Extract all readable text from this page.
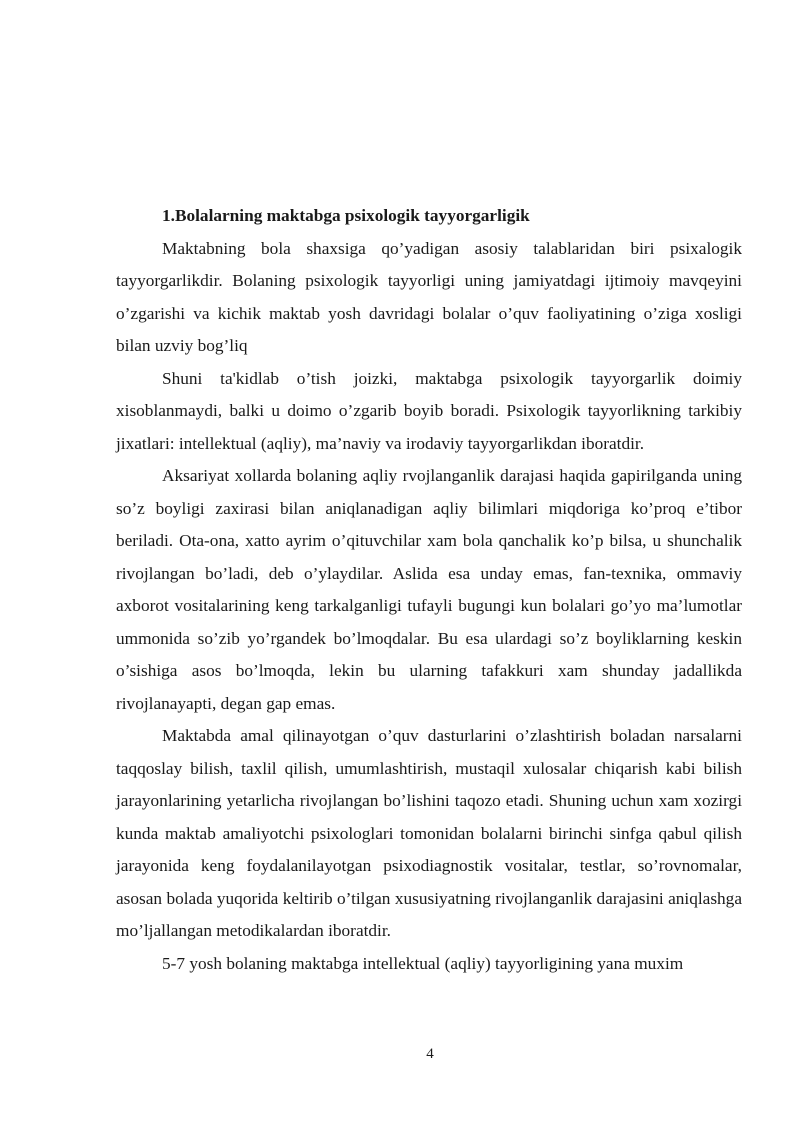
1.Bolalarning maktabga psixologik tayyorgarligik

Maktabning bola shaxsiga qo’yadigan asosiy talablaridan biri psixalogik tayyorgarlikdir. Bolaning psixologik tayyorligi uning jamiyatdagi ijtimoiy mavqeyini o’zgarishi va kichik maktab yosh davridagi bolalar o’quv faoliyatining o’ziga xosligi bilan uzviy bog’liq

Shuni ta'kidlab o’tish joizki, maktabga psixologik tayyorgarlik doimiy xisoblanmaydi, balki u doimo o’zgarib boyib boradi. Psixologik tayyorlikning tarkibiy jixatlari: intellektual (aqliy), ma’naviy va irodaviy tayyorgarlikdan iboratdir.

Aksariyat xollarda bolaning aqliy rvojlanganlik darajasi haqida gapirilganda uning so’z boyligi zaxirasi bilan aniqlanadigan aqliy bilimlari miqdoriga ko’proq e’tibor beriladi. Ota-ona, xatto ayrim o’qituvchilar xam bola qanchalik ko’p bilsa, u shunchalik rivojlangan bo’ladi, deb o’ylaydilar. Aslida esa unday emas, fan-texnika, ommaviy axborot vositalarining keng tarkalganligi tufayli bugungi kun bolalari go’yo ma’lumotlar ummonida so’zib yo’rgandek bo’lmoqdalar. Bu esa ulardagi so’z boyliklarning keskin o’sishiga asos bo’lmoqda, lekin bu ularning tafakkuri xam shunday jadallikda rivojlanayapti, degan gap emas.

Maktabda amal qilinayotgan o’quv dasturlarini o’zlashtirish boladan narsalarni taqqoslay bilish, taxlil qilish, umumlashtirish, mustaqil xulosalar chiqarish kabi bilish jarayonlarining yetarlicha rivojlangan bo’lishini taqozo etadi. Shuning uchun xam xozirgi kunda maktab amaliyotchi psixologlari tomonidan bolalarni birinchi sinfga qabul qilish jarayonida keng foydalanilayotgan psixodiagnostik vositalar, testlar, so’rovnomalar, asosan bolada yuqorida keltirib o’tilgan xususiyatning rivojlanganlik darajasini aniqlashga mo’ljallangan metodikalardan iboratdir.

5-7 yosh bolaning maktabga intellektual (aqliy) tayyorligining yana muxim

4
